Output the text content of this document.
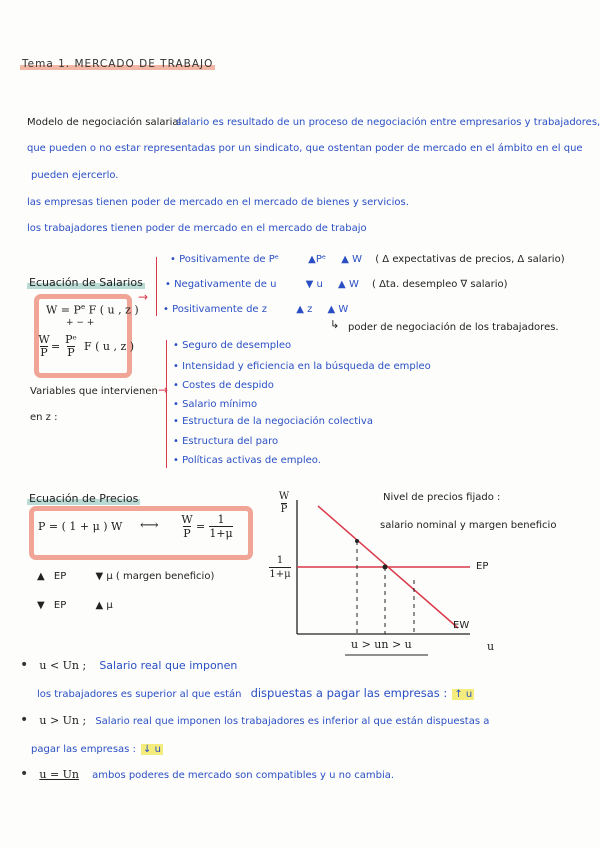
Tema 1. MERCADO DE TRABAJO
Modelo de negociación salarial :
salario es resultado de un proceso de negociación entre empresarios y trabajadores,
que pueden o no estar representadas por un sindicato, que ostentan poder de mercado en el ámbito en el que
pueden ejercerlo.
las empresas tienen poder de mercado en el mercado de bienes y servicios.
los trabajadores tienen poder de mercado en el mercado de trabajo
Ecuación de Salarios
$W = P^e$ F ( u , z )
+ − +
W
P =
Pᵉ
P F ( u , z )
→
• Positivamente de Pᵉ	▲Pᵉ ▲ W ( Δ expectativas de precios, Δ salario)
• Negativamente de u	▼ u ▲ W ( Δta. desempleo ∇ salario)
• Positivamente de z	▲ z ▲ W
↳ poder de negociación de los trabajadores.
Variables que intervienen
en z :
→
• Seguro de desempleo
• Intensidad y eficiencia en la búsqueda de empleo
• Costes de despido
• Salario mínimo
• Estructura de la negociación colectiva
• Estructura del paro
• Políticas activas de empleo.
Ecuación de Precios
P = ( 1 + μ ) W ⟷ W
P
=
1
1+μ
▲ EP	▼ μ ( margen beneficio)
▼ EP	▲ μ
W
P
1
1+μ
Nivel de precios fijado :
salario nominal y margen beneficio
EP
EW
u
u > un > u
• u < Un ; Salario real que imponen
los trabajadores es superior al que están dispuestas a pagar las empresas : ↑ u
• u > Un ; Salario real que imponen los trabajadores es inferior al que están dispuestas a
pagar las empresas : ↓ u
• u = Un ambos poderes de mercado son compatibles y u no cambia.
